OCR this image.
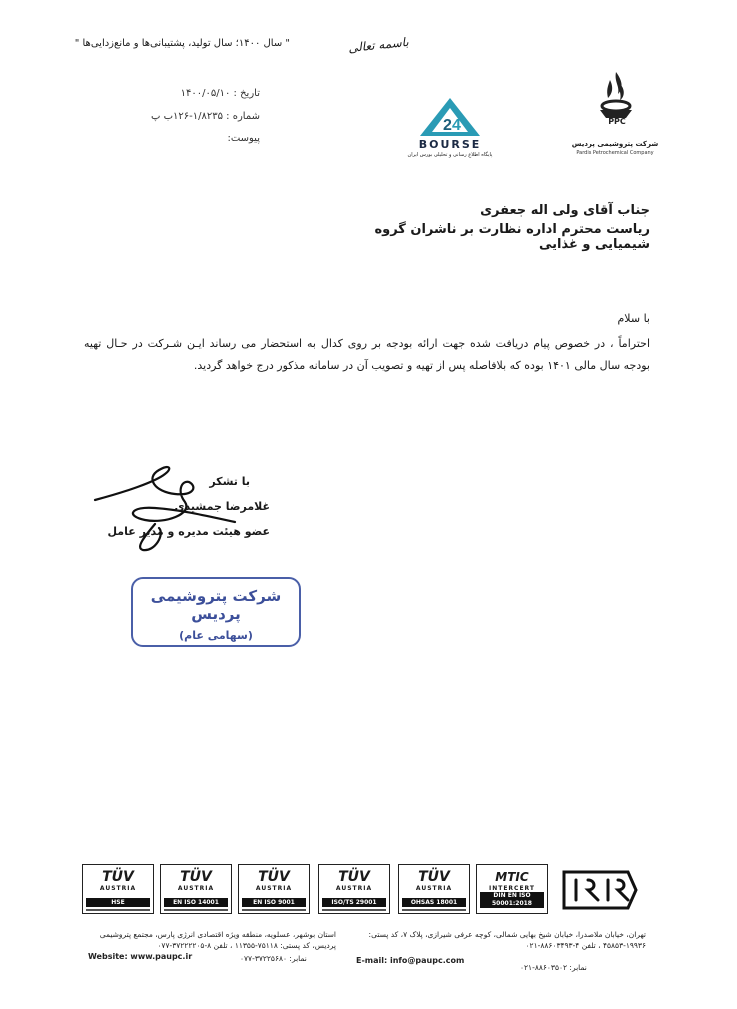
" سال ۱۴۰۰؛ سال تولید، پشتیبانی‌ها و مانع‌زدایی‌ها "	باسمه تعالی
تاریخ : ۱۴۰۰/۰۵/۱۰
شماره : ۱/۸۲۳۵-۱۲۶ب پ
پیوست:
2 4
BOURSE
پایگاه اطلاع رسانی و تحلیلی بورس ایران
PPC
شرکت پتروشیمی پردیس
Pardis Petrochemical Company
جناب آقای ولی اله جعفری
ریاست محترم اداره نظارت بر ناشران گروه شیمیایی و غذایی
با سلام
احتراماً ، در خصوص پیام دریافت شده جهت ارائه بودجه بر روی کدال به استحضار می رساند ایـن شـرکت در حـال تهیه بودجه سال مالی ۱۴۰۱ بوده که بلافاصله پس از تهیه و تصویب آن در سامانه مذکور درج خواهد گردید.
با تشکر
غلامرضا جمشیدی
عضو هیئت مدیره و مدیر عامل
شرکت پتروشیمی پردیس
(سهامی عام)
TÜV
AUSTRIA
HSE
TÜV
AUSTRIA
EN ISO 14001
TÜV
AUSTRIA
EN ISO 9001
TÜV
AUSTRIA
ISO/TS 29001
TÜV
AUSTRIA
OHSAS 18001
MTIC
INTERCERT
DIN EN ISO 50001:2018
تهران، خیابان ملاصدرا، خیابان شیخ بهایی شمالی، کوچه عرفی شیرازی، پلاک ۷، کد پستی: ۱۹۹۳۶-۴۵۸۵۳ ، تلفن ۴-۸۸۶۰۳۴۹۳-۰۲۱
نمابر: ۸۸۶۰۳۵۰۲-۰۲۱
استان بوشهر، عسلویه، منطقه ویژه اقتصادی انرژی پارس، مجتمع پتروشیمی پردیس، کد پستی: ۷۵۱۱۸-۱۱۳۵۵ ، تلفن ۸-۳۷۲۲۲۲۰۵-۰۷۷
نمابر: ۳۷۲۲۵۶۸۰-۰۷۷
Website: www.paupc.ir	E-mail: info@paupc.com
